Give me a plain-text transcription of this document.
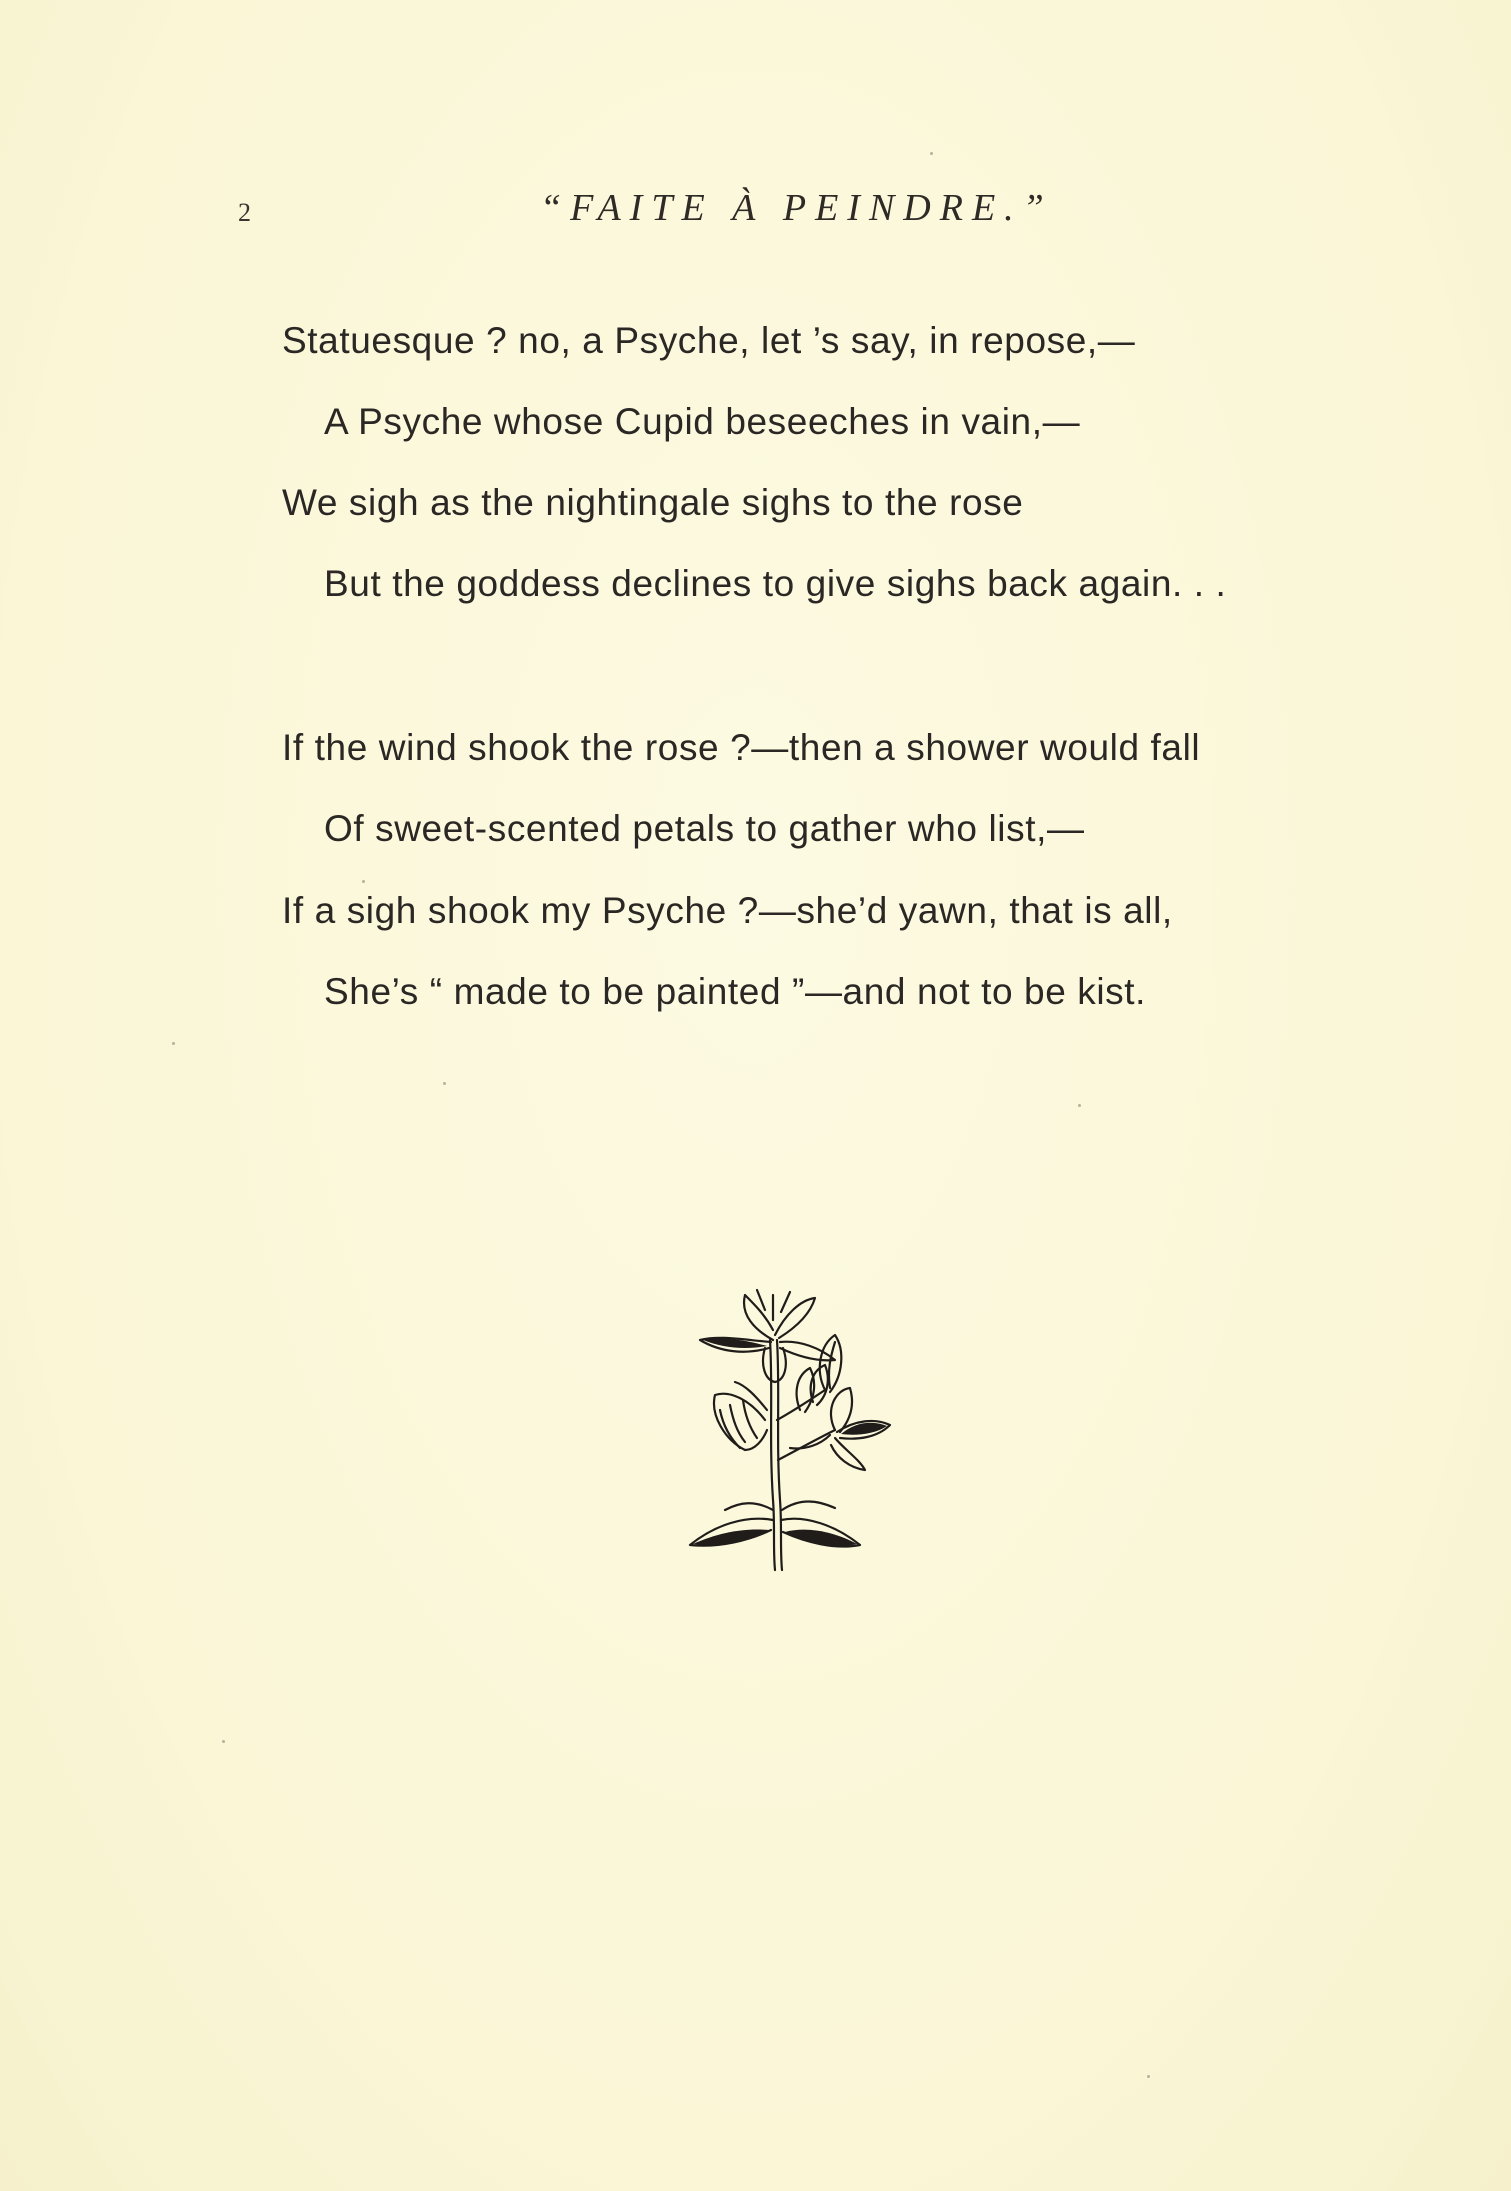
2	“FAITE À PEINDRE.”
Statuesque ? no, a Psyche, let ’s say, in repose,—
A Psyche whose Cupid beseeches in vain,—
We sigh as the nightingale sighs to the rose
But the goddess declines to give sighs back again. . .
If the wind shook the rose ?—then a shower would fall
Of sweet-scented petals to gather who list,—
If a sigh shook my Psyche ?—she’d yawn, that is all,
She’s “ made to be painted ”—and not to be kist.
